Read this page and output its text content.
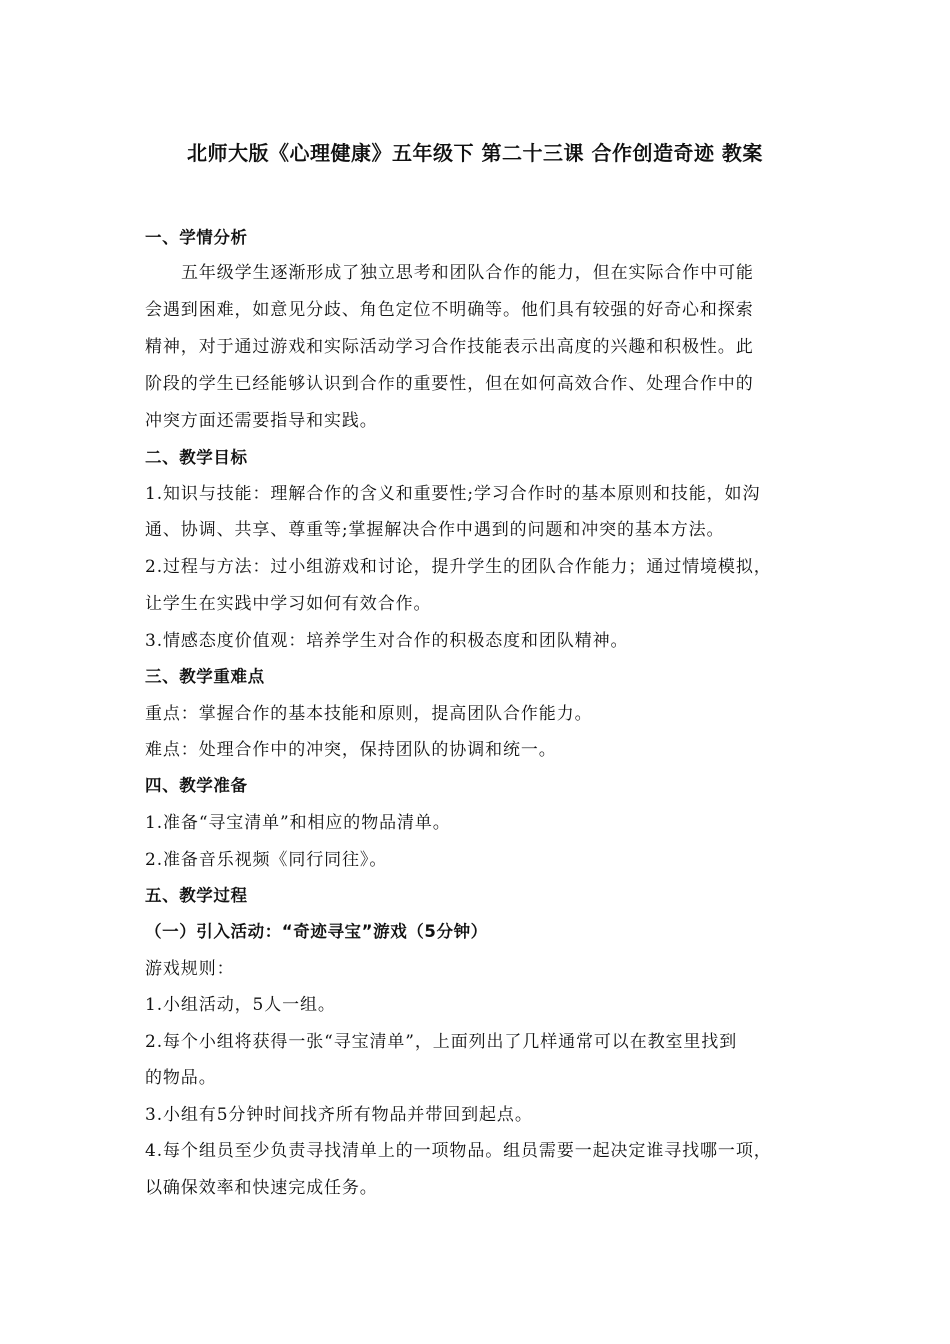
北师大版《心理健康》五年级下 第二十三课 合作创造奇迹 教案
一、学情分析
五年级学生逐渐形成了独立思考和团队合作的能力，但在实际合作中可能
会遇到困难，如意见分歧、角色定位不明确等。他们具有较强的好奇心和探索
精神，对于通过游戏和实际活动学习合作技能表示出高度的兴趣和积极性。此
阶段的学生已经能够认识到合作的重要性，但在如何高效合作、处理合作中的
冲突方面还需要指导和实践。
二、教学目标
1.知识与技能：理解合作的含义和重要性;学习合作时的基本原则和技能，如沟
通、协调、共享、尊重等;掌握解决合作中遇到的问题和冲突的基本方法。
2.过程与方法：过小组游戏和讨论，提升学生的团队合作能力；通过情境模拟，
让学生在实践中学习如何有效合作。
3.情感态度价值观：培养学生对合作的积极态度和团队精神。
三、教学重难点
重点：掌握合作的基本技能和原则，提高团队合作能力。
难点：处理合作中的冲突，保持团队的协调和统一。
四、教学准备
1.准备“寻宝清单”和相应的物品清单。
2.准备音乐视频《同行同往》。
五、教学过程
（一）引入活动：“奇迹寻宝”游戏（5分钟）
游戏规则：
1.小组活动，5人一组。
2.每个小组将获得一张“寻宝清单”，上面列出了几样通常可以在教室里找到
的物品。
3.小组有5分钟时间找齐所有物品并带回到起点。
4.每个组员至少负责寻找清单上的一项物品。组员需要一起决定谁寻找哪一项，
以确保效率和快速完成任务。
